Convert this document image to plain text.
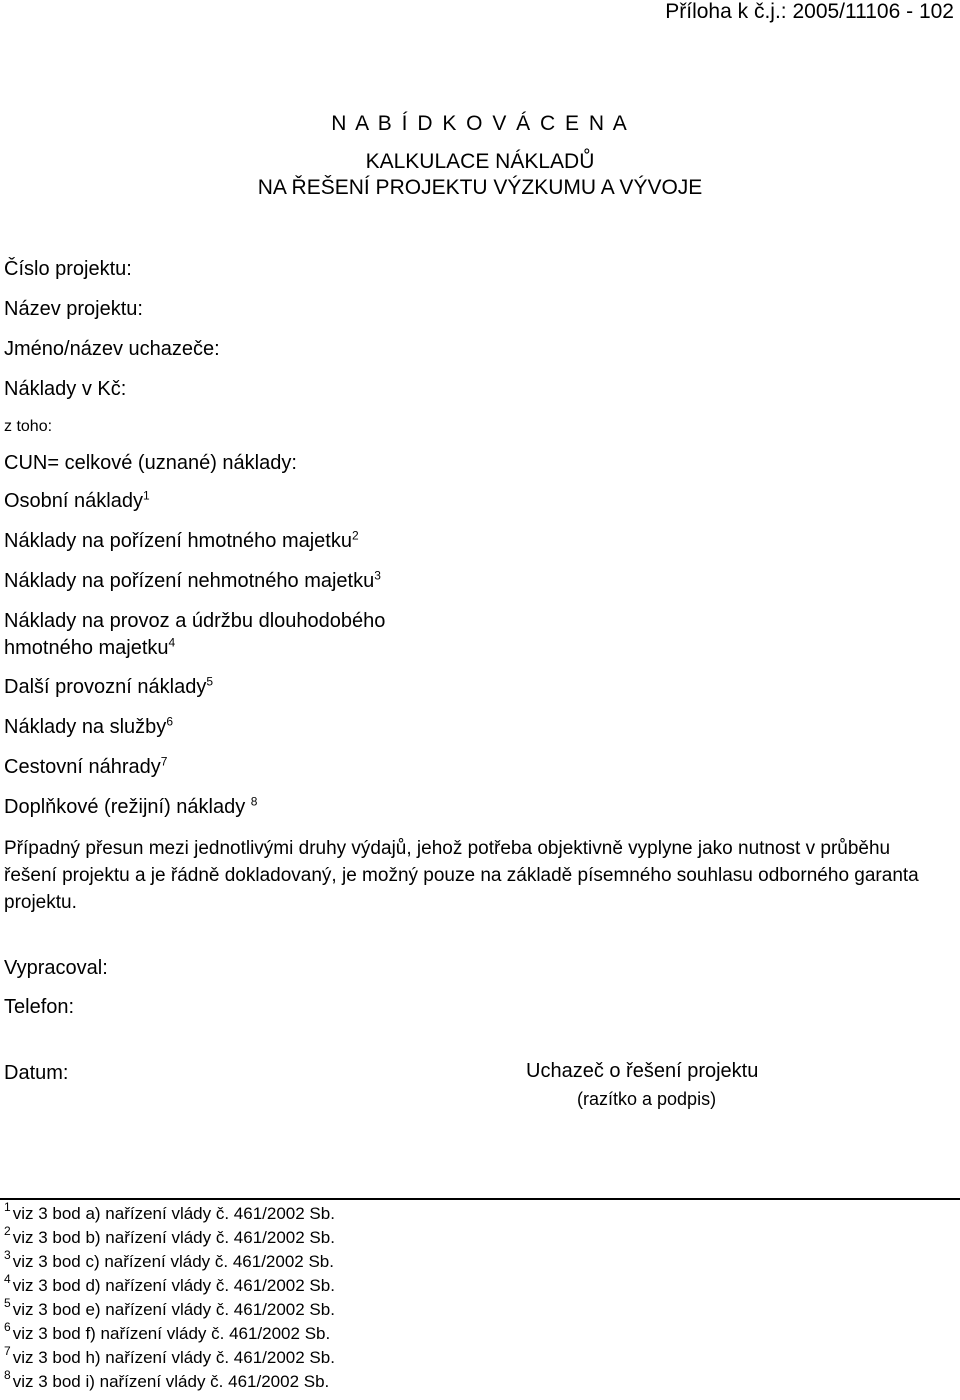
Příloha k č.j.: 2005/11106 - 102
N A B Í D K O V Á C E N A
KALKULACE NÁKLADŮ
NA ŘEŠENÍ PROJEKTU VÝZKUMU A VÝVOJE
Číslo projektu:
Název projektu:
Jméno/název uchazeče:
Náklady v Kč:
z toho:
CUN= celkové (uznané) náklady:
Osobní náklady$^1$
Náklady na pořízení hmotného majetku$^2$
Náklady na pořízení nehmotného majetku$^3$
Náklady na provoz a údržbu dlouhodobého
hmotného majetku$^4$
Další provozní náklady$^5$
Náklady na služby$^6$
Cestovní náhrady$^7$
Doplňkové (režijní) náklady $^8$
Případný přesun mezi jednotlivými druhy výdajů, jehož potřeba objektivně vyplyne jako nutnost v průběhu řešení projektu a je řádně dokladovaný, je možný pouze na základě písemného souhlasu odborného garanta projektu.
Vypracoval:
Telefon:
Datum:	Uchazeč o řešení projektu
(razítko a podpis)
$^1$ viz 3 bod a) nařízení vlády č. 461/2002 Sb.
$^2$ viz 3 bod b) nařízení vlády č. 461/2002 Sb.
$^3$ viz 3 bod c) nařízení vlády č. 461/2002 Sb.
$^4$ viz 3 bod d) nařízení vlády č. 461/2002 Sb.
$^5$ viz 3 bod e) nařízení vlády č. 461/2002 Sb.
$^6$ viz 3 bod f) nařízení vlády č. 461/2002 Sb.
$^7$ viz 3 bod h) nařízení vlády č. 461/2002 Sb.
$^8$ viz 3 bod i) nařízení vlády č. 461/2002 Sb.
